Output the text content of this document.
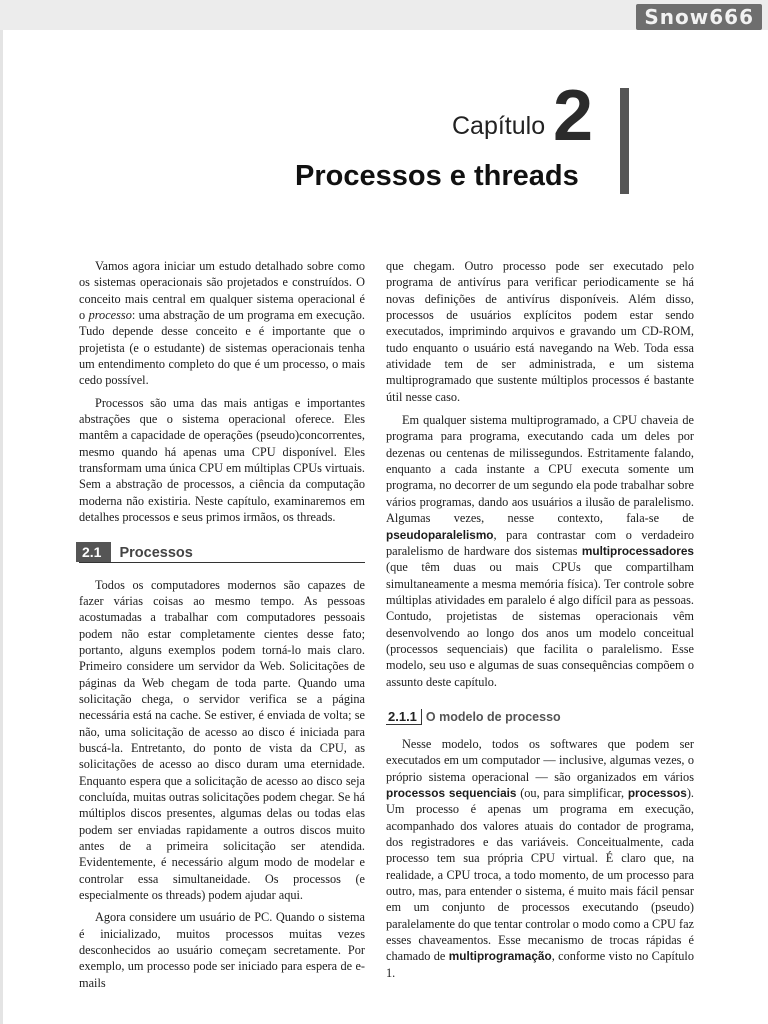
Snow666
Capítulo 2
Processos e threads

Vamos agora iniciar um estudo detalhado sobre como os sistemas operacionais são projetados e construídos. O conceito mais central em qualquer sistema operacional é o processo: uma abstração de um programa em execução. Tudo depende desse conceito e é importante que o projetista (e o estudante) de sistemas operacionais tenha um entendimento completo do que é um processo, o mais cedo possível.

Processos são uma das mais antigas e importantes abstrações que o sistema operacional oferece. Eles mantêm a capacidade de operações (pseudo)concorrentes, mesmo quando há apenas uma CPU disponível. Eles transformam uma única CPU em múltiplas CPUs virtuais. Sem a abstração de processos, a ciência da computação moderna não existiria. Neste capítulo, examinaremos em detalhes processos e seus primos irmãos, os threads.

2.1 Processos

Todos os computadores modernos são capazes de fazer várias coisas ao mesmo tempo. As pessoas acostumadas a trabalhar com computadores pessoais podem não estar completamente cientes desse fato; portanto, alguns exemplos podem torná-lo mais claro. Primeiro considere um servidor da Web. Solicitações de páginas da Web chegam de toda parte. Quando uma solicitação chega, o servidor verifica se a página necessária está na cache. Se estiver, é enviada de volta; se não, uma solicitação de acesso ao disco é iniciada para buscá-la. Entretanto, do ponto de vista da CPU, as solicitações de acesso ao disco duram uma eternidade. Enquanto espera que a solicitação de acesso ao disco seja concluída, muitas outras solicitações podem chegar. Se há múltiplos discos presentes, algumas delas ou todas elas podem ser enviadas rapidamente a outros discos muito antes de a primeira solicitação ser atendida. Evidentemente, é necessário algum modo de modelar e controlar essa simultaneidade. Os processos (e especialmente os threads) podem ajudar aqui.

Agora considere um usuário de PC. Quando o sistema é inicializado, muitos processos muitas vezes desconhecidos ao usuário começam secretamente. Por exemplo, um processo pode ser iniciado para espera de e-mails

que chegam. Outro processo pode ser executado pelo programa de antivírus para verificar periodicamente se há novas definições de antivírus disponíveis. Além disso, processos de usuários explícitos podem estar sendo executados, imprimindo arquivos e gravando um CD-ROM, tudo enquanto o usuário está navegando na Web. Toda essa atividade tem de ser administrada, e um sistema multiprogramado que sustente múltiplos processos é bastante útil nesse caso.

Em qualquer sistema multiprogramado, a CPU chaveia de programa para programa, executando cada um deles por dezenas ou centenas de milissegundos. Estritamente falando, enquanto a cada instante a CPU executa somente um programa, no decorrer de um segundo ela pode trabalhar sobre vários programas, dando aos usuários a ilusão de paralelismo. Algumas vezes, nesse contexto, fala-se de pseudoparalelismo, para contrastar com o verdadeiro paralelismo de hardware dos sistemas multiprocessadores (que têm duas ou mais CPUs que compartilham simultaneamente a mesma memória física). Ter controle sobre múltiplas atividades em paralelo é algo difícil para as pessoas. Contudo, projetistas de sistemas operacionais vêm desenvolvendo ao longo dos anos um modelo conceitual (processos sequenciais) que facilita o paralelismo. Esse modelo, seu uso e algumas de suas consequências compõem o assunto deste capítulo.

2.1.1 O modelo de processo

Nesse modelo, todos os softwares que podem ser executados em um computador — inclusive, algumas vezes, o próprio sistema operacional — são organizados em vários processos sequenciais (ou, para simplificar, processos). Um processo é apenas um programa em execução, acompanhado dos valores atuais do contador de programa, dos registradores e das variáveis. Conceitualmente, cada processo tem sua própria CPU virtual. É claro que, na realidade, a CPU troca, a todo momento, de um processo para outro, mas, para entender o sistema, é muito mais fácil pensar em um conjunto de processos executando (pseudo) paralelamente do que tentar controlar o modo como a CPU faz esses chaveamentos. Esse mecanismo de trocas rápidas é chamado de multiprogramação, conforme visto no Capítulo 1.
